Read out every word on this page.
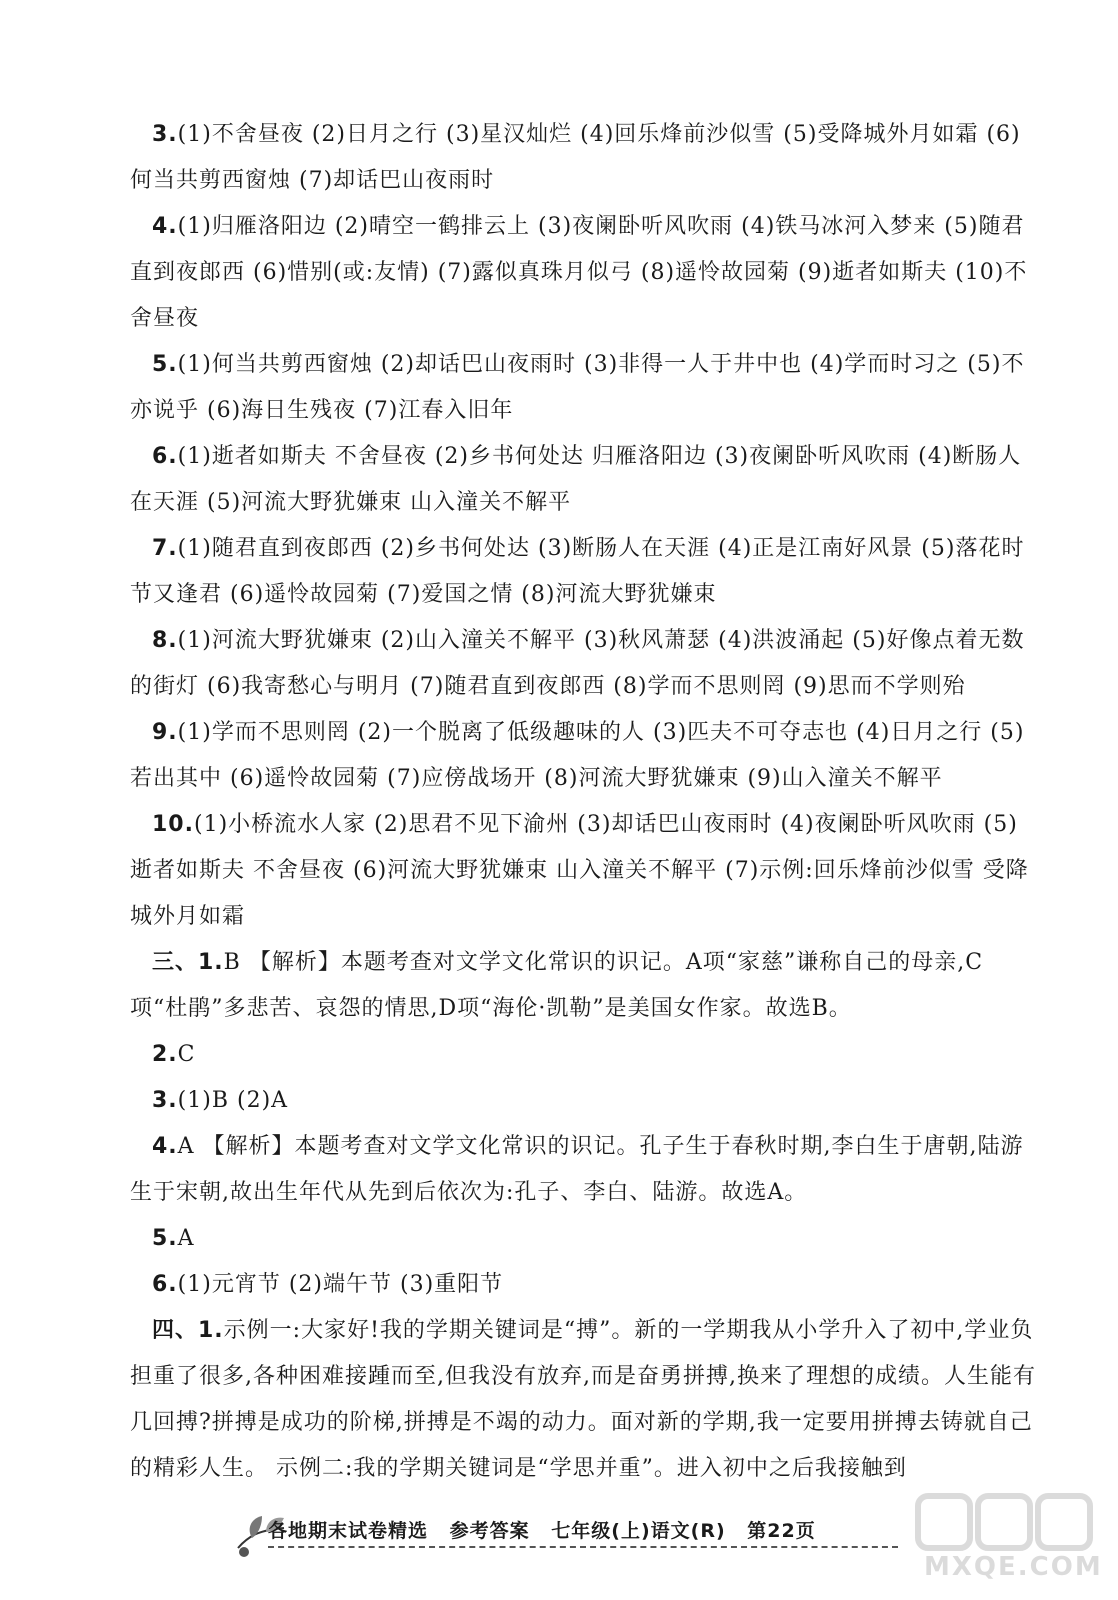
3.(1)不舍昼夜 (2)日月之行 (3)星汉灿烂 (4)回乐烽前沙似雪 (5)受降城外月如霜 (6)何当共剪西窗烛 (7)却话巴山夜雨时

4.(1)归雁洛阳边 (2)晴空一鹤排云上 (3)夜阑卧听风吹雨 (4)铁马冰河入梦来 (5)随君直到夜郎西 (6)惜别(或:友情) (7)露似真珠月似弓 (8)遥怜故园菊 (9)逝者如斯夫 (10)不舍昼夜

5.(1)何当共剪西窗烛 (2)却话巴山夜雨时 (3)非得一人于井中也 (4)学而时习之 (5)不亦说乎 (6)海日生残夜 (7)江春入旧年

6.(1)逝者如斯夫 不舍昼夜 (2)乡书何处达 归雁洛阳边 (3)夜阑卧听风吹雨 (4)断肠人在天涯 (5)河流大野犹嫌束 山入潼关不解平

7.(1)随君直到夜郎西 (2)乡书何处达 (3)断肠人在天涯 (4)正是江南好风景 (5)落花时节又逢君 (6)遥怜故园菊 (7)爱国之情 (8)河流大野犹嫌束

8.(1)河流大野犹嫌束 (2)山入潼关不解平 (3)秋风萧瑟 (4)洪波涌起 (5)好像点着无数的街灯 (6)我寄愁心与明月 (7)随君直到夜郎西 (8)学而不思则罔 (9)思而不学则殆

9.(1)学而不思则罔 (2)一个脱离了低级趣味的人 (3)匹夫不可夺志也 (4)日月之行 (5)若出其中 (6)遥怜故园菊 (7)应傍战场开 (8)河流大野犹嫌束 (9)山入潼关不解平

10.(1)小桥流水人家 (2)思君不见下渝州 (3)却话巴山夜雨时 (4)夜阑卧听风吹雨 (5)逝者如斯夫 不舍昼夜 (6)河流大野犹嫌束 山入潼关不解平 (7)示例:回乐烽前沙似雪 受降城外月如霜

三、1.B 【解析】本题考查对文学文化常识的识记。A项“家慈”谦称自己的母亲,C项“杜鹃”多悲苦、哀怨的情思,D项“海伦·凯勒”是美国女作家。故选B。

2.C

3.(1)B (2)A

4.A 【解析】本题考查对文学文化常识的识记。孔子生于春秋时期,李白生于唐朝,陆游生于宋朝,故出生年代从先到后依次为:孔子、李白、陆游。故选A。

5.A

6.(1)元宵节 (2)端午节 (3)重阳节

四、1.示例一:大家好!我的学期关键词是“搏”。新的一学期我从小学升入了初中,学业负担重了很多,各种困难接踵而至,但我没有放弃,而是奋勇拼搏,换来了理想的成绩。人生能有几回搏?拼搏是成功的阶梯,拼搏是不竭的动力。面对新的学期,我一定要用拼搏去铸就自己的精彩人生。 示例二:我的学期关键词是“学思并重”。进入初中之后我接触到

各地期末试卷精选 参考答案 七年级(上)语文(R) 第22页
MXQE.COM
